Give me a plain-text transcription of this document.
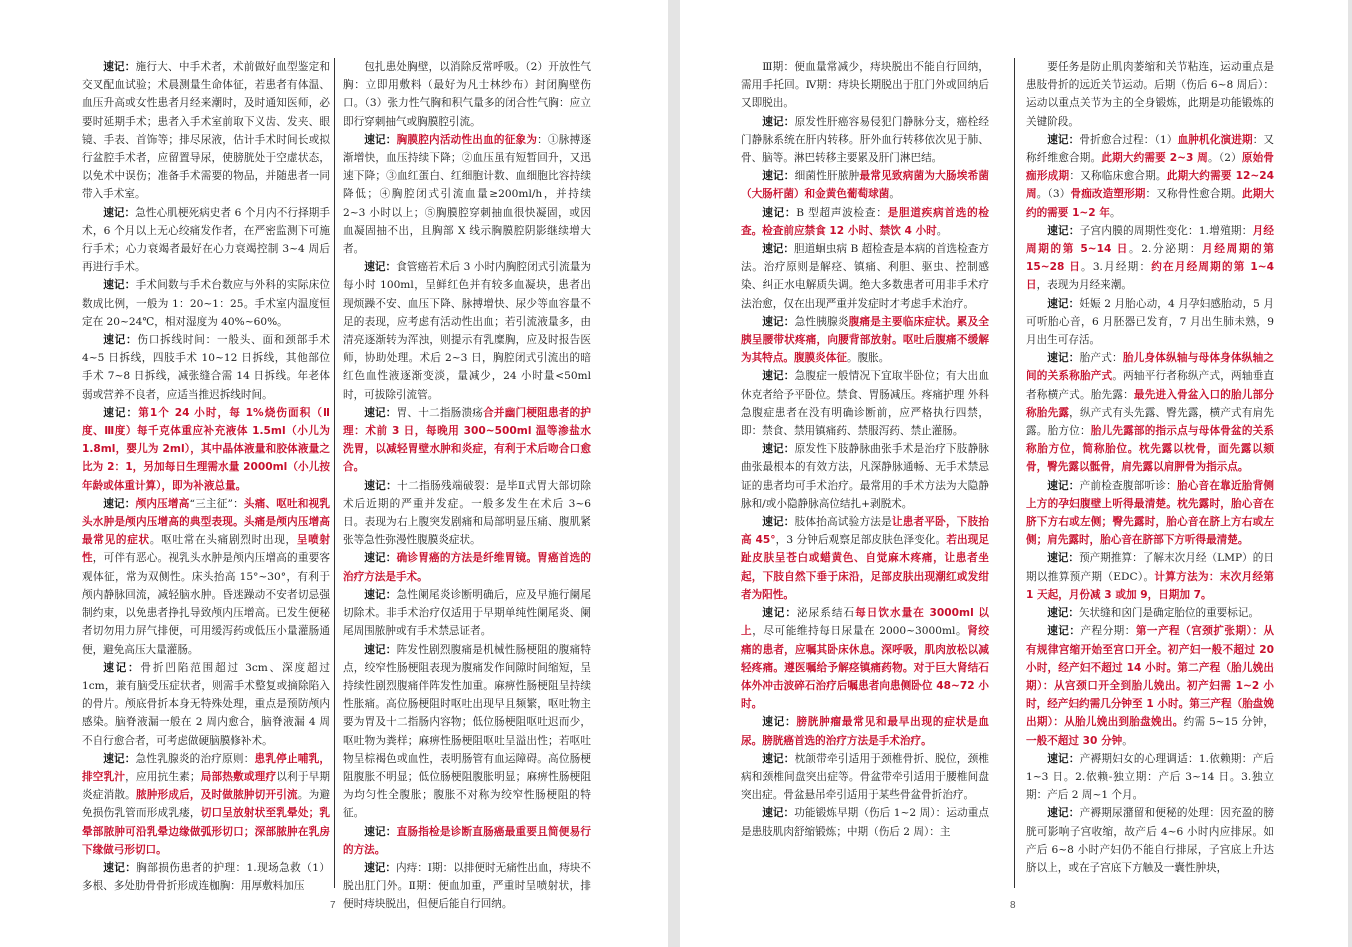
速记：施行大、中手术者，术前做好血型鉴定和交叉配血试验；术晨测量生命体征，若患者有体温、血压升高或女性患者月经来潮时，及时通知医师，必要时延期手术；患者入手术室前取下义齿、发夹、眼镜、手表、首饰等；排尽尿液，估计手术时间长或拟行盆腔手术者，应留置导尿，使膀胱处于空虚状态，以免术中误伤；准备手术需要的物品，并随患者一同带入手术室。

速记：急性心肌梗死病史者 6 个月内不行择期手术，6 个月以上无心绞痛发作者，在严密监测下可施行手术；心力衰竭者最好在心力衰竭控制 3~4 周后再进行手术。

速记：手术间数与手术台数应与外科的实际床位数成比例，一般为 1：20~1：25。手术室内温度恒定在 20~24℃，相对湿度为 40%~60%。

速记：伤口拆线时间：一般头、面和颈部手术 4~5 日拆线，四肢手术 10~12 日拆线，其他部位手术 7~8 日拆线，减张缝合需 14 日拆线。年老体弱或营养不良者，应适当推迟拆线时间。

速记：第1个 24 小时，每 1%烧伤面积（Ⅱ度、Ⅲ度）每千克体重应补充液体 1.5ml（小儿为 1.8ml，婴儿为 2ml），其中晶体液量和胶体液量之比为 2：1，另加每日生理需水量 2000ml（小儿按年龄或体重计算），即为补液总量。

速记：颅内压增高“三主征”：头痛、呕吐和视乳头水肿是颅内压增高的典型表现。头痛是颅内压增高最常见的症状。呕吐常在头痛剧烈时出现，呈喷射性，可伴有恶心。视乳头水肿是颅内压增高的重要客观体征，常为双侧性。床头抬高 15°~30°，有利于颅内静脉回流，减轻脑水肿。昏迷躁动不安者切忌强制约束，以免患者挣扎导致颅内压增高。已发生便秘者切勿用力屏气排便，可用缓泻药或低压小量灌肠通便，避免高压大量灌肠。

速记：骨折凹陷范围超过 3cm、深度超过 1cm，兼有脑受压症状者，则需手术整复或摘除陷入的骨片。颅底骨折本身无特殊处理，重点是预防颅内感染。脑脊液漏一般在 2 周内愈合，脑脊液漏 4 周不自行愈合者，可考虑做硬脑膜修补术。

速记：急性乳腺炎的治疗原则：患乳停止哺乳，排空乳汁，应用抗生素；局部热敷或理疗以利于早期炎症消散。脓肿形成后，及时做脓肿切开引流。为避免损伤乳管而形成乳瘘，切口呈放射状至乳晕处；乳晕部脓肿可沿乳晕边缘做弧形切口；深部脓肿在乳房下缘做弓形切口。

速记：胸部损伤患者的护理：1.现场急救（1）多根、多处肋骨骨折形成连枷胸：用厚敷料加压

包扎患处胸壁，以消除反常呼吸。（2）开放性气胸：立即用敷料（最好为凡士林纱布）封闭胸壁伤口。（3）张力性气胸和积气量多的闭合性气胸：应立即行穿刺抽气或胸膜腔引流。

速记：胸膜腔内活动性出血的征象为：①脉搏逐渐增快，血压持续下降；②血压虽有短暂回升，又迅速下降；③血红蛋白、红细胞计数、血细胞比容持续降低；④胸腔闭式引流血量≥200ml/h，并持续 2~3 小时以上；⑤胸膜腔穿刺抽血很快凝固，或因血凝固抽不出，且胸部 X 线示胸膜腔阴影继续增大者。

速记：食管癌若术后 3 小时内胸腔闭式引流量为每小时 100ml，呈鲜红色并有较多血凝块，患者出现烦躁不安、血压下降、脉搏增快、尿少等血容量不足的表现，应考虑有活动性出血；若引流液量多，由清亮逐渐转为浑浊，则提示有乳糜胸，应及时报告医师，协助处理。术后 2~3 日，胸腔闭式引流出的暗红色血性液逐渐变淡，量减少，24 小时量<50ml 时，可拔除引流管。

速记：胃、十二指肠溃疡合并幽门梗阻患者的护理：术前 3 日，每晚用 300~500ml 温等渗盐水洗胃，以减轻胃壁水肿和炎症，有利于术后吻合口愈合。

速记：十二指肠残端破裂：是毕Ⅱ式胃大部切除术后近期的严重并发症。一般多发生在术后 3~6 日。表现为右上腹突发剧痛和局部明显压痛、腹肌紧张等急性弥漫性腹膜炎症状。

速记：确诊胃癌的方法是纤维胃镜。胃癌首选的治疗方法是手术。

速记：急性阑尾炎诊断明确后，应及早施行阑尾切除术。非手术治疗仅适用于早期单纯性阑尾炎、阑尾周围脓肿或有手术禁忌证者。

速记：阵发性剧烈腹痛是机械性肠梗阻的腹痛特点，绞窄性肠梗阻表现为腹痛发作间隙时间缩短，呈持续性剧烈腹痛伴阵发性加重。麻痹性肠梗阻呈持续性胀痛。高位肠梗阻时呕吐出现早且频繁，呕吐物主要为胃及十二指肠内容物；低位肠梗阻呕吐迟而少，呕吐物为粪样；麻痹性肠梗阻呕吐呈溢出性；若呕吐物呈棕褐色或血性，表明肠管有血运障碍。高位肠梗阻腹胀不明显；低位肠梗阻腹胀明显；麻痹性肠梗阻为均匀性全腹胀；腹胀不对称为绞窄性肠梗阻的特征。

速记：直肠指检是诊断直肠癌最重要且简便易行的方法。

速记：内痔：Ⅰ期：以排便时无痛性出血，痔块不脱出肛门外。Ⅱ期：便血加重，严重时呈喷射状，排便时痔块脱出，但便后能自行回纳。

7

Ⅲ期：便血量常减少，痔块脱出不能自行回纳，需用手托回。Ⅳ期：痔块长期脱出于肛门外或回纳后又即脱出。

速记：原发性肝癌容易侵犯门静脉分支，癌栓经门静脉系统在肝内转移。肝外血行转移依次见于肺、骨、脑等。淋巴转移主要累及肝门淋巴结。

速记：细菌性肝脓肿最常见致病菌为大肠埃希菌（大肠杆菌）和金黄色葡萄球菌。

速记：B 型超声波检查：是胆道疾病首选的检查。检查前应禁食 12 小时、禁饮 4 小时。

速记：胆道蛔虫病 B 超检查是本病的首选检查方法。治疗原则是解痉、镇痛、利胆、驱虫、控制感染、纠正水电解质失调。绝大多数患者可用非手术疗法治愈，仅在出现严重并发症时才考虑手术治疗。

速记：急性胰腺炎腹痛是主要临床症状。累及全胰呈腰带状疼痛，向腰背部放射。呕吐后腹痛不缓解为其特点。腹膜炎体征。腹胀。

速记：急腹症一般情况下宜取半卧位；有大出血休克者给予平卧位。禁食、胃肠减压。疼痛护理 外科急腹症患者在没有明确诊断前，应严格执行四禁，即：禁食、禁用镇痛药、禁服泻药、禁止灌肠。

速记：原发性下肢静脉曲张手术是治疗下肢静脉曲张最根本的有效方法，凡深静脉通畅、无手术禁忌证的患者均可手术治疗。最常用的手术方法为大隐静脉和/或小隐静脉高位结扎+剥脱术。

速记：肢体抬高试验方法是让患者平卧，下肢抬高 45°，3 分钟后观察足部皮肤色泽变化。若出现足趾皮肤呈苍白或蜡黄色、自觉麻木疼痛，让患者坐起，下肢自然下垂于床沿，足部皮肤出现潮红或发绀者为阳性。

速记：泌尿系结石每日饮水量在 3000ml 以上，尽可能维持每日尿量在 2000~3000ml。肾绞痛的患者，应嘱其卧床休息。深呼吸，肌肉放松以减轻疼痛。遵医嘱给予解痉镇痛药物。对于巨大肾结石体外冲击波碎石治疗后嘱患者向患侧卧位 48~72 小时。

速记：膀胱肿瘤最常见和最早出现的症状是血尿。膀胱癌首选的治疗方法是手术治疗。

速记：枕颌带牵引适用于颈椎骨折、脱位，颈椎病和颈椎间盘突出症等。骨盆带牵引适用于腰椎间盘突出症。骨盆悬吊牵引适用于某些骨盆骨折治疗。

速记：功能锻炼早期（伤后 1~2 周）：运动重点是患肢肌肉舒缩锻炼；中期（伤后 2 周）：主

要任务是防止肌肉萎缩和关节粘连，运动重点是患肢骨折的远近关节运动。后期（伤后 6~8 周后）：运动以重点关节为主的全身锻炼，此期是功能锻炼的关键阶段。

速记：骨折愈合过程：（1）血肿机化演进期：又称纤维愈合期。此期大约需要 2~3 周。（2）原始骨痂形成期：又称临床愈合期。此期大约需要 12~24 周。（3）骨痂改造塑形期：又称骨性愈合期。此期大约的需要 1~2 年。

速记：子宫内膜的周期性变化：1.增殖期：月经周期的第 5~14 日。2.分泌期：月经周期的第 15~28 日。3.月经期：约在月经周期的第 1~4 日，表现为月经来潮。

速记：妊娠 2 月胎心动，4 月孕妇感胎动，5 月可听胎心音，6 月胚器已发育，7 月出生肺未熟，9 月出生可存活。

速记：胎产式：胎儿身体纵轴与母体身体纵轴之间的关系称胎产式。两轴平行者称纵产式，两轴垂直者称横产式。胎先露：最先进入骨盆入口的胎儿部分称胎先露，纵产式有头先露、臀先露，横产式有肩先露。胎方位：胎儿先露部的指示点与母体骨盆的关系称胎方位，简称胎位。枕先露以枕骨，面先露以颏骨，臀先露以骶骨，肩先露以肩胛骨为指示点。

速记：产前检查腹部听诊：胎心音在靠近胎背侧上方的孕妇腹壁上听得最清楚。枕先露时，胎心音在脐下方右或左侧；臀先露时，胎心音在脐上方右或左侧；肩先露时，胎心音在脐部下方听得最清楚。

速记：预产期推算：了解末次月经（LMP）的日期以推算预产期（EDC）。计算方法为：末次月经第 1 天起，月份减 3 或加 9，日期加 7。

速记：矢状缝和囟门是确定胎位的重要标记。

速记：产程分期：第一产程（宫颈扩张期）：从有规律宫缩开始至宫口开全。初产妇一般不超过 20 小时，经产妇不超过 14 小时。第二产程（胎儿娩出期）：从宫颈口开全到胎儿娩出。初产妇需 1~2 小时，经产妇约需几分钟至 1 小时。第三产程（胎盘娩出期）：从胎儿娩出到胎盘娩出。约需 5~15 分钟，一般不超过 30 分钟。

速记：产褥期妇女的心理调适：1.依赖期：产后 1~3 日。2.依赖-独立期：产后 3~14 日。3.独立期：产后 2 周~1 个月。

速记：产褥期尿潴留和便秘的处理：因充盈的膀胱可影响子宫收缩，故产后 4~6 小时内应排尿。如产后 6~8 小时产妇仍不能自行排尿，子宫底上升达脐以上，或在子宫底下方触及一囊性肿块，

8
